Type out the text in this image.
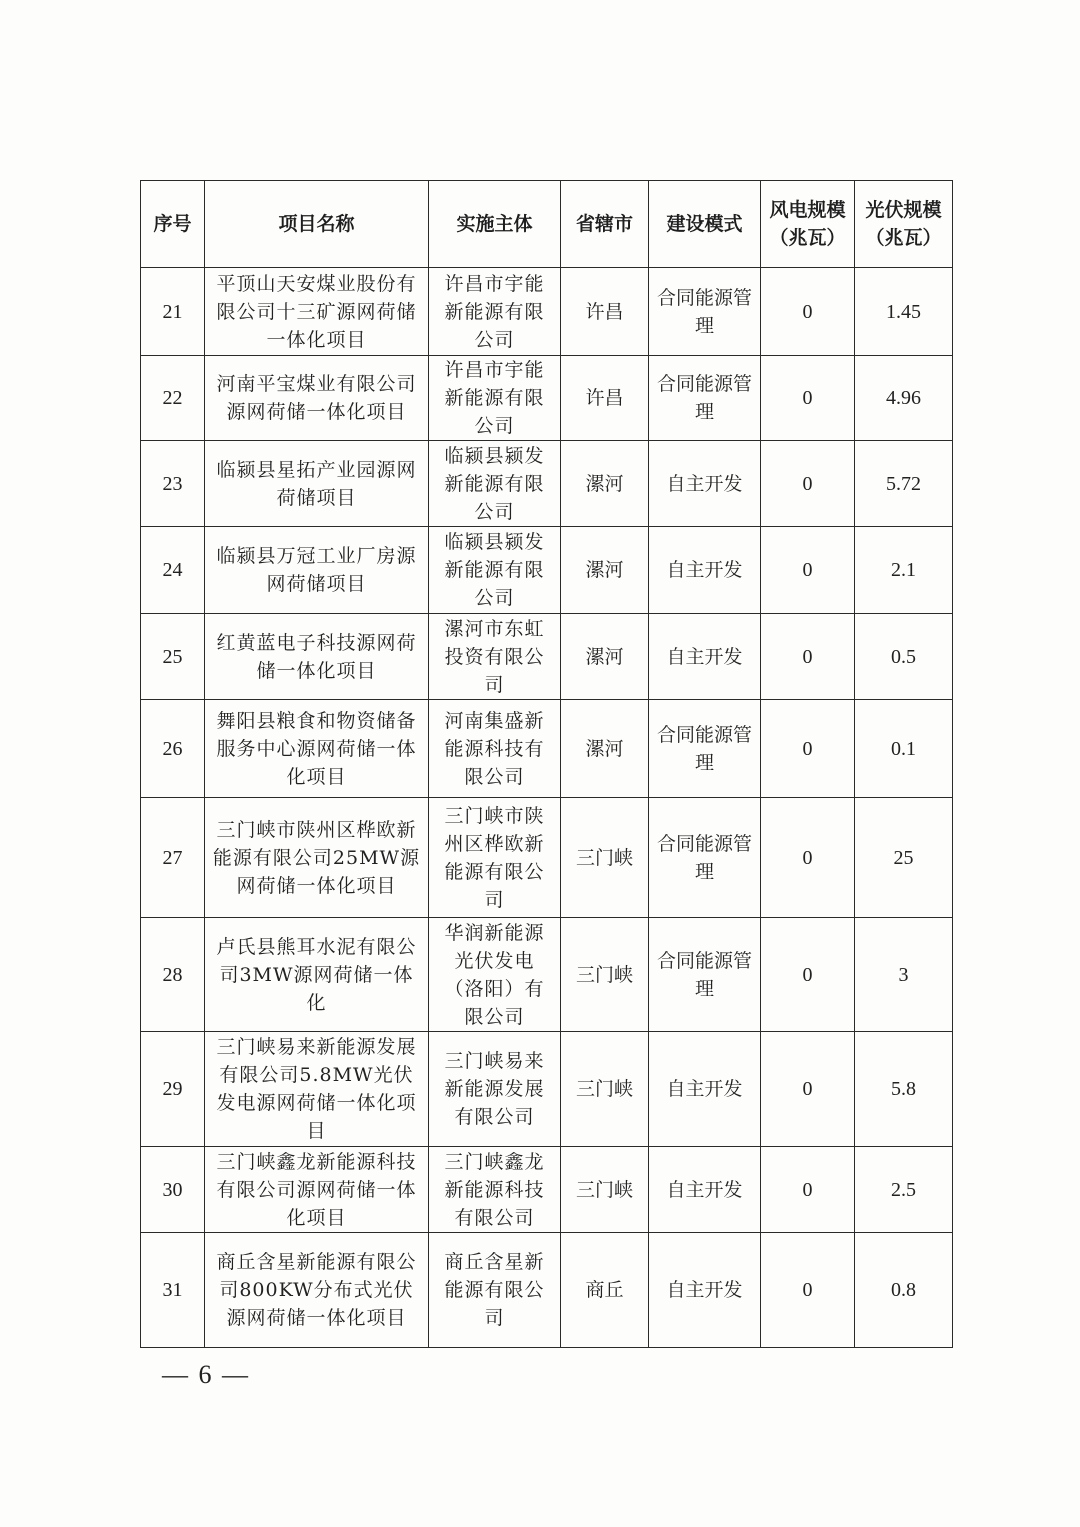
序号	项目名称	实施主体	省辖市	建设模式	风电规模（兆瓦）	光伏规模（兆瓦）
21	平顶山天安煤业股份有限公司十三矿源网荷储一体化项目	许昌市宇能新能源有限公司	许昌	合同能源管理	0	1.45
22	河南平宝煤业有限公司源网荷储一体化项目	许昌市宇能新能源有限公司	许昌	合同能源管理	0	4.96
23	临颍县星拓产业园源网荷储项目	临颍县颍发新能源有限公司	漯河	自主开发	0	5.72
24	临颍县万冠工业厂房源网荷储项目	临颍县颍发新能源有限公司	漯河	自主开发	0	2.1
25	红黄蓝电子科技源网荷储一体化项目	漯河市东虹投资有限公司	漯河	自主开发	0	0.5
26	舞阳县粮食和物资储备服务中心源网荷储一体化项目	河南集盛新能源科技有限公司	漯河	合同能源管理	0	0.1
27	三门峡市陕州区桦欧新能源有限公司25MW源网荷储一体化项目	三门峡市陕州区桦欧新能源有限公司	三门峡	合同能源管理	0	25
28	卢氏县熊耳水泥有限公司3MW源网荷储一体化	华润新能源光伏发电（洛阳）有限公司	三门峡	合同能源管理	0	3
29	三门峡易来新能源发展有限公司5.8MW光伏发电源网荷储一体化项目	三门峡易来新能源发展有限公司	三门峡	自主开发	0	5.8
30	三门峡鑫龙新能源科技有限公司源网荷储一体化项目	三门峡鑫龙新能源科技有限公司	三门峡	自主开发	0	2.5
31	商丘含星新能源有限公司800KW分布式光伏源网荷储一体化项目	商丘含星新能源有限公司	商丘	自主开发	0	0.8
— 6 —
